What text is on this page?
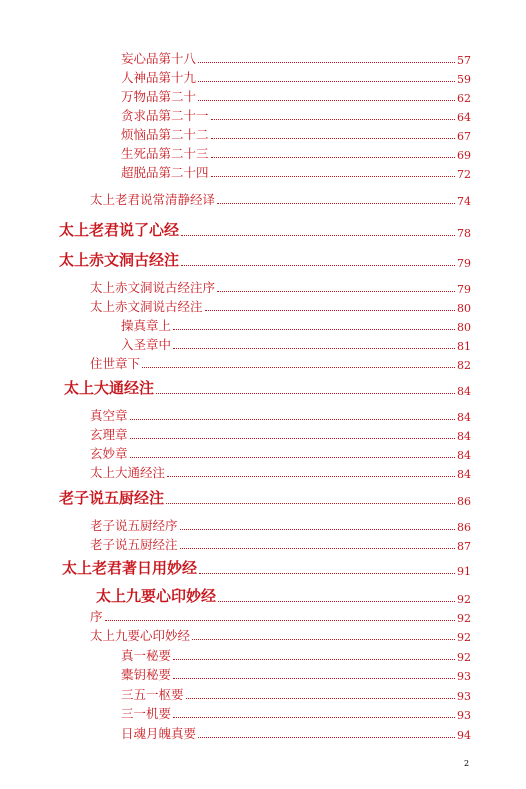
妄心品第十八	57
人神品第十九	59
万物品第二十	62
贪求品第二十一	64
烦恼品第二十二	67
生死品第二十三	69
超脱品第二十四	72
太上老君说常清静经译	74
太上老君说了心经	78
太上赤文洞古经注	79
太上赤文洞说古经注序	79
太上赤文洞说古经注	80
操真章上	80
入圣章中	81
住世章下	82
太上大通经注	84
真空章	84
玄理章	84
玄妙章	84
太上大通经注	84
老子说五厨经注	86
老子说五厨经序	86
老子说五厨经注	87
太上老君著日用妙经	91
太上九要心印妙经	92
序	92
太上九要心印妙经	92
真一秘要	92
橐钥秘要	93
三五一枢要	93
三一机要	93
日魂月魄真要	94
2
